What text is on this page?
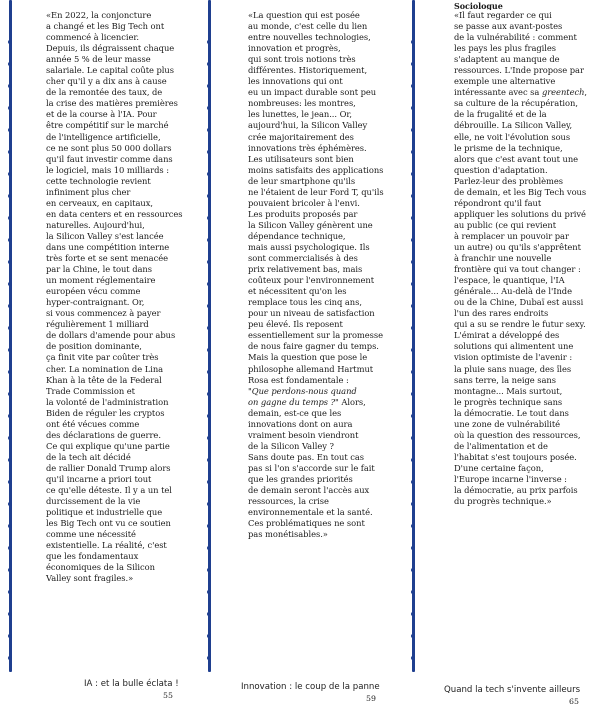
«En 2022, la conjoncture
a changé et les Big Tech ont
commencé à licencier.
Depuis, ils dégraissent chaque
année 5 % de leur masse
salariale. Le capital coûte plus
cher qu'il y a dix ans à cause
de la remontée des taux, de
la crise des matières premières
et de la course à l'IA. Pour
être compétitif sur le marché
de l'intelligence artificielle,
ce ne sont plus 50 000 dollars
qu'il faut investir comme dans
le logiciel, mais 10 milliards :
cette technologie revient
infiniment plus cher
en cerveaux, en capitaux,
en data centers et en ressources
naturelles. Aujourd'hui,
la Silicon Valley s'est lancée
dans une compétition interne
très forte et se sent menacée
par la Chine, le tout dans
un moment réglementaire
européen vécu comme
hyper-contraignant. Or,
si vous commencez à payer
régulièrement 1 milliard
de dollars d'amende pour abus
de position dominante,
ça finit vite par coûter très
cher. La nomination de Lina
Khan à la tête de la Federal
Trade Commission et
la volonté de l'administration
Biden de réguler les cryptos
ont été vécues comme
des déclarations de guerre.
Ce qui explique qu'une partie
de la tech ait décidé
de rallier Donald Trump alors
qu'il incarne a priori tout
ce qu'elle déteste. Il y a un tel
durcissement de la vie
politique et industrielle que
les Big Tech ont vu ce soutien
comme une nécessité
existentielle. La réalité, c'est
que les fondamentaux
économiques de la Silicon
Valley sont fragiles.»
«La question qui est posée
au monde, c'est celle du lien
entre nouvelles technologies,
innovation et progrès,
qui sont trois notions très
différentes. Historiquement,
les innovations qui ont
eu un impact durable sont peu
nombreuses: les montres,
les lunettes, le jean... Or,
aujourd'hui, la Silicon Valley
crée majoritairement des
innovations très éphémères.
Les utilisateurs sont bien
moins satisfaits des applications
de leur smartphone qu'ils
ne l'étaient de leur Ford T, qu'ils
pouvaient bricoler à l'envi.
Les produits proposés par
la Silicon Valley génèrent une
dépendance technique,
mais aussi psychologique. Ils
sont commercialisés à des
prix relativement bas, mais
coûteux pour l'environnement
et nécessitent qu'on les
remplace tous les cinq ans,
pour un niveau de satisfaction
peu élevé. Ils reposent
essentiellement sur la promesse
de nous faire gagner du temps.
Mais la question que pose le
philosophe allemand Hartmut
Rosa est fondamentale :
"Que perdons-nous quand
on gagne du temps ?" Alors,
demain, est-ce que les
innovations dont on aura
vraiment besoin viendront
de la Silicon Valley ?
Sans doute pas. En tout cas
pas si l'on s'accorde sur le fait
que les grandes priorités
de demain seront l'accès aux
ressources, la crise
environnementale et la santé.
Ces problématiques ne sont
pas monétisables.»
Sociologue
«Il faut regarder ce qui
se passe aux avant-postes
de la vulnérabilité : comment
les pays les plus fragiles
s'adaptent au manque de
ressources. L'Inde propose par
exemple une alternative
intéressante avec sa greentech,
sa culture de la récupération,
de la frugalité et de la
débrouille. La Silicon Valley,
elle, ne voit l'évolution sous
le prisme de la technique,
alors que c'est avant tout une
question d'adaptation.
Parlez-leur des problèmes
de demain, et les Big Tech vous
répondront qu'il faut
appliquer les solutions du privé
au public (ce qui revient
à remplacer un pouvoir par
un autre) ou qu'ils s'apprêtent
à franchir une nouvelle
frontière qui va tout changer :
l'espace, le quantique, l'IA
générale... Au-delà de l'Inde
ou de la Chine, Dubaï est aussi
l'un des rares endroits
qui a su se rendre le futur sexy.
L'émirat a développé des
solutions qui alimentent une
vision optimiste de l'avenir :
la pluie sans nuage, des îles
sans terre, la neige sans
montagne... Mais surtout,
le progrès technique sans
la démocratie. Le tout dans
une zone de vulnérabilité
où la question des ressources,
de l'alimentation et de
l'habitat s'est toujours posée.
D'une certaine façon,
l'Europe incarne l'inverse :
la démocratie, au prix parfois
du progrès technique.»
IA : et la bulle éclata !
55
Innovation : le coup de la panne
59
Quand la tech s'invente ailleurs
65
